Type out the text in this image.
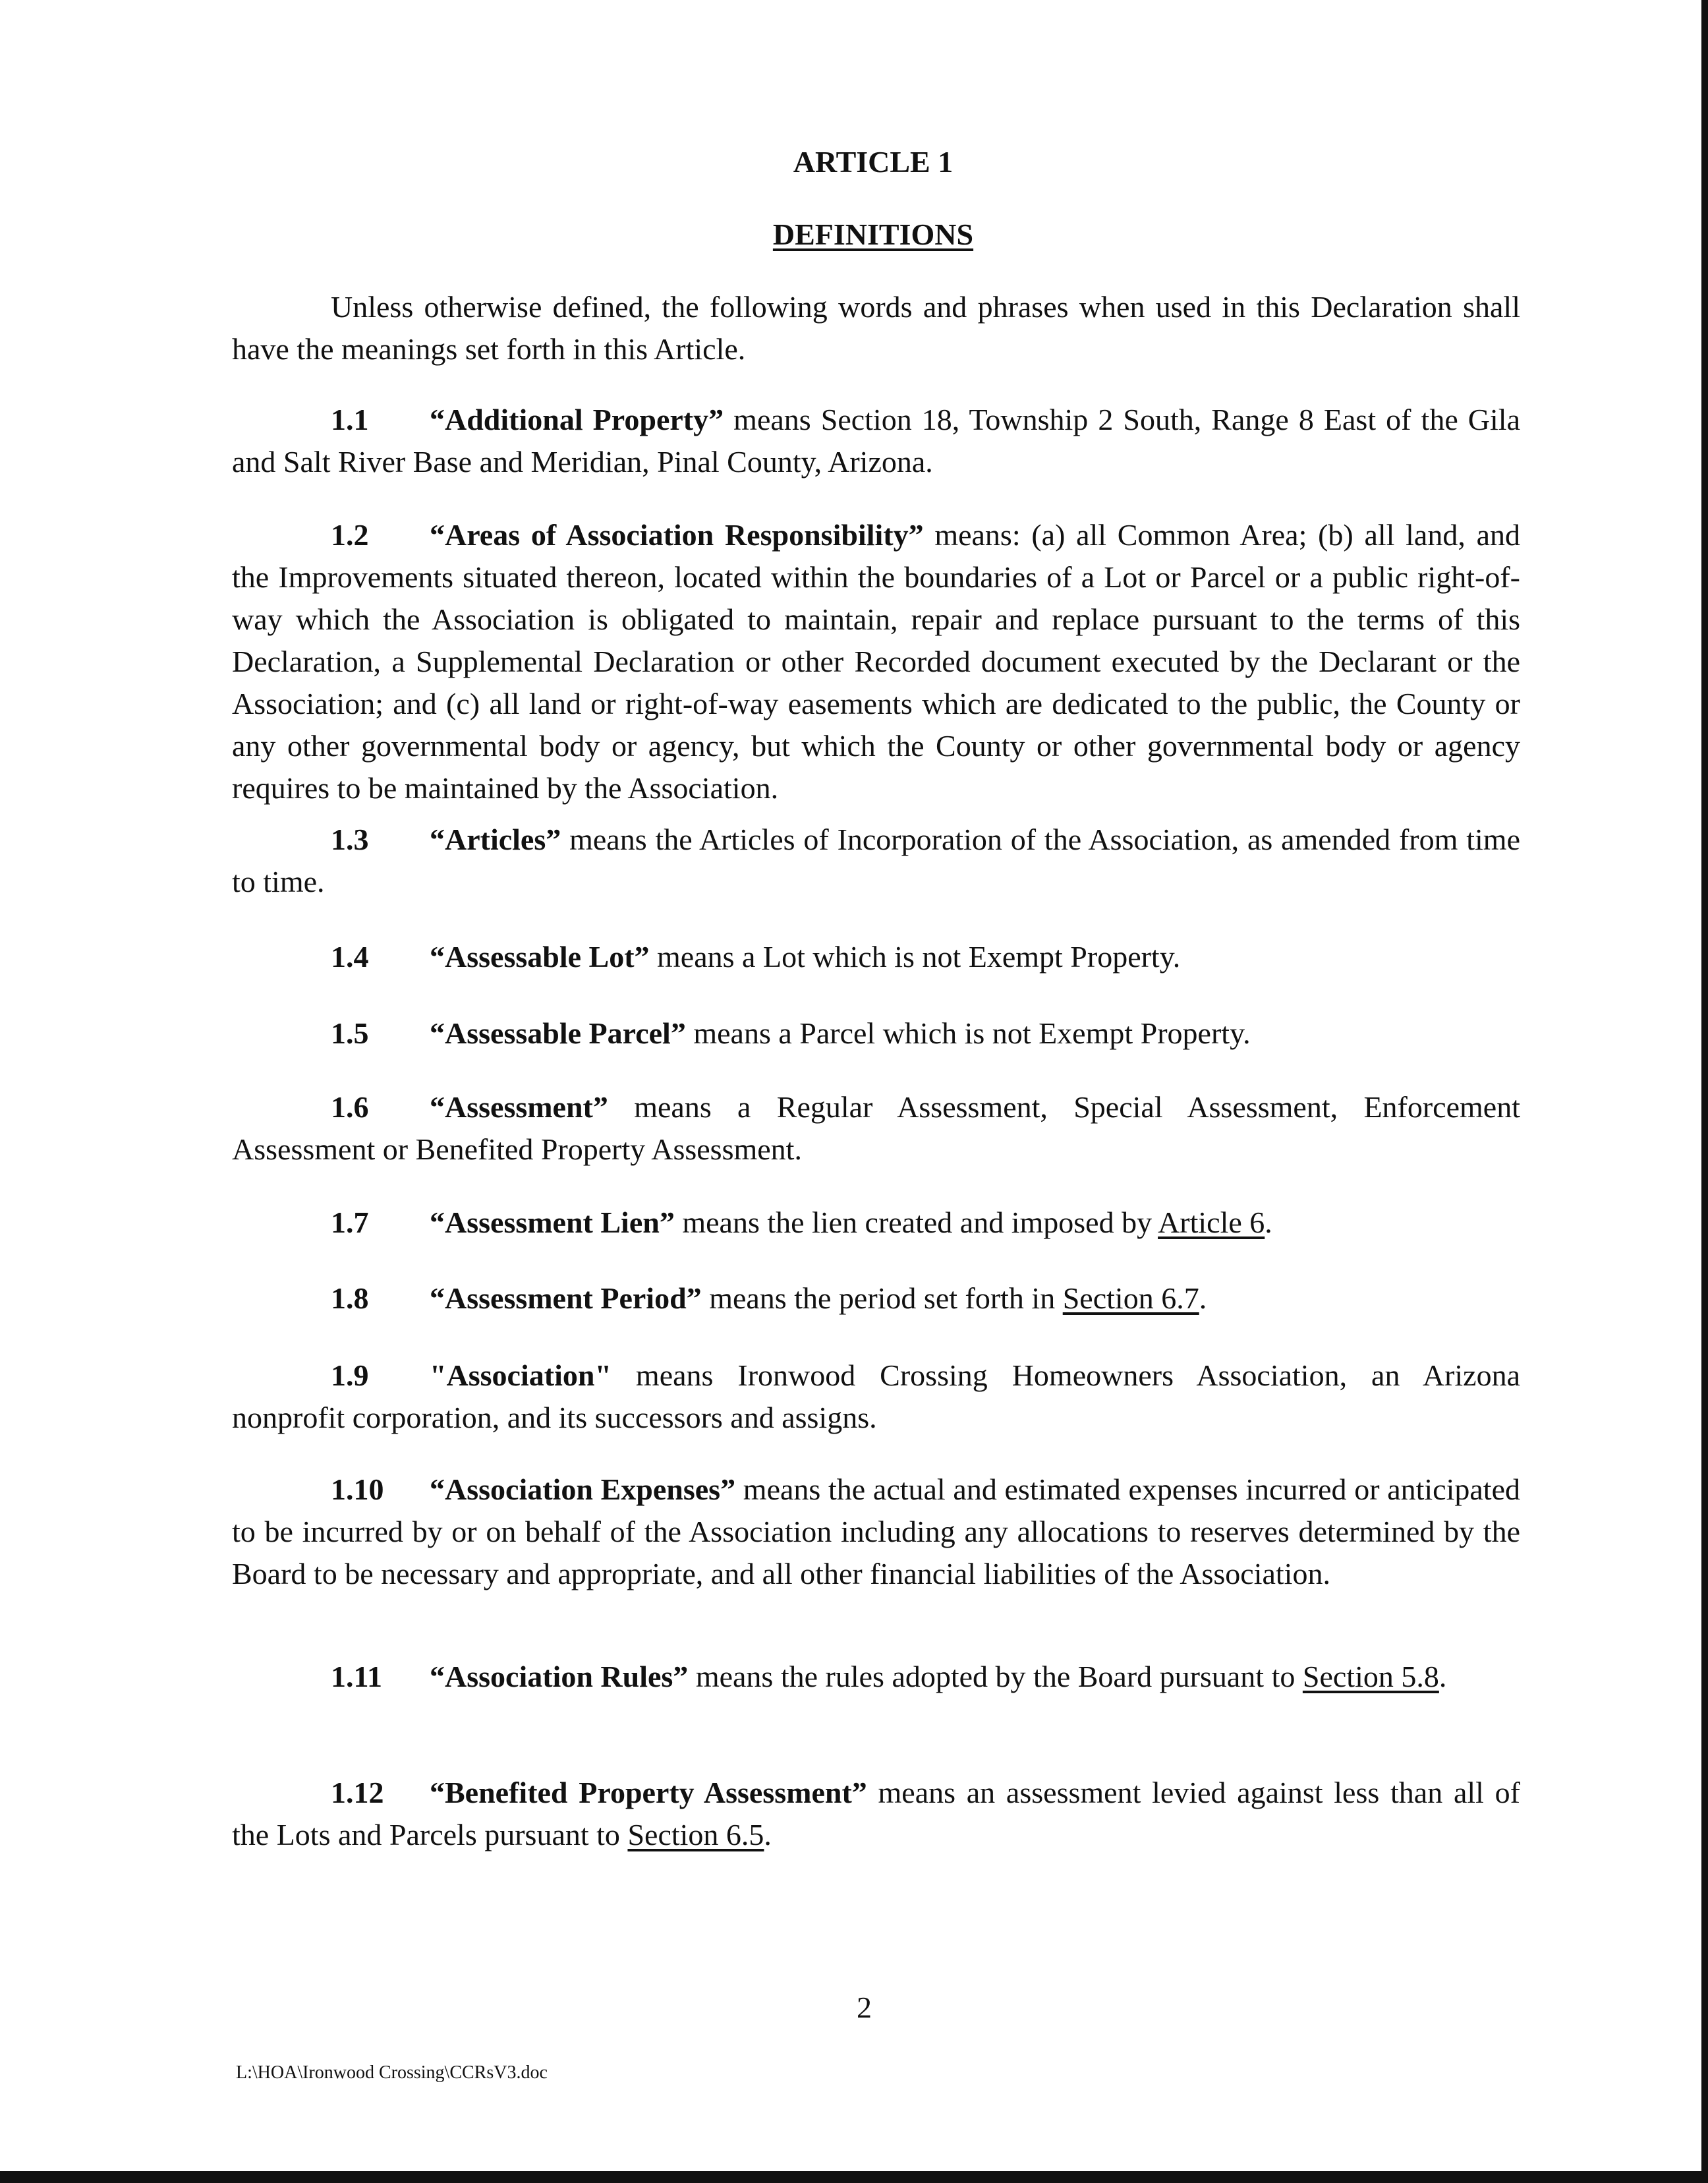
ARTICLE 1
DEFINITIONS

Unless otherwise defined, the following words and phrases when used in this Declaration shall have the meanings set forth in this Article.

1.1 “Additional Property” means Section 18, Township 2 South, Range 8 East of the Gila and Salt River Base and Meridian, Pinal County, Arizona.

1.2 “Areas of Association Responsibility” means: (a) all Common Area; (b) all land, and the Improvements situated thereon, located within the boundaries of a Lot or Parcel or a public right-of-way which the Association is obligated to maintain, repair and replace pursuant to the terms of this Declaration, a Supplemental Declaration or other Recorded document executed by the Declarant or the Association; and (c) all land or right-of-way easements which are dedicated to the public, the County or any other governmental body or agency, but which the County or other governmental body or agency requires to be maintained by the Association.

1.3 “Articles” means the Articles of Incorporation of the Association, as amended from time to time.

1.4 “Assessable Lot” means a Lot which is not Exempt Property.

1.5 “Assessable Parcel” means a Parcel which is not Exempt Property.

1.6 “Assessment” means a Regular Assessment, Special Assessment, Enforcement Assessment or Benefited Property Assessment.

1.7 “Assessment Lien” means the lien created and imposed by Article 6.

1.8 “Assessment Period” means the period set forth in Section 6.7.

1.9 "Association" means Ironwood Crossing Homeowners Association, an Arizona nonprofit corporation, and its successors and assigns.

1.10 “Association Expenses” means the actual and estimated expenses incurred or anticipated to be incurred by or on behalf of the Association including any allocations to reserves determined by the Board to be necessary and appropriate, and all other financial liabilities of the Association.

1.11 “Association Rules” means the rules adopted by the Board pursuant to Section 5.8.

1.12 “Benefited Property Assessment” means an assessment levied against less than all of the Lots and Parcels pursuant to Section 6.5.

2
L:\HOA\Ironwood Crossing\CCRsV3.doc
